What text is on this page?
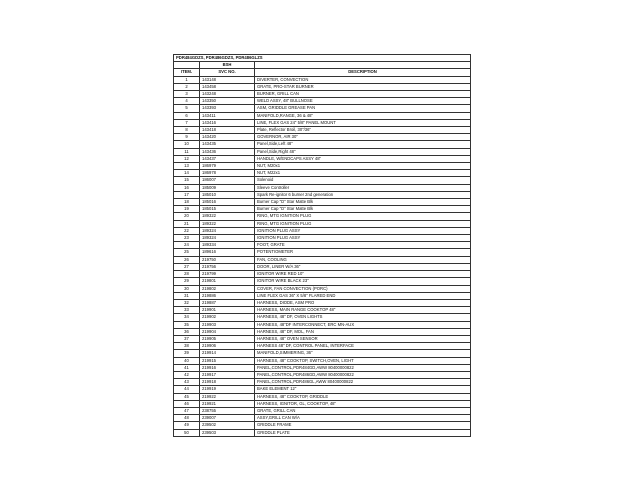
PDR484GDZS, PDR486GDZS, PDR486GLZS		
	BSH	
ITEM.	SVC NO.	DESCRIPTION
1	143148	DIVERTER, CONVECTION
2	143458	GRATE, PRO-STAR BURNER
3	143248	BURNER, GRILL CAN
4	143350	WELD ASSY, 48" BULLNOSE
5	143393	ASM, GRIDDLE GREASE PAN
6	143411	MANIFOLD,RANGE, 36 & 48"
7	143416	LINE, FLEX GAS 24" 5/8" PANEL MOUNT
8	143418	Plate, Reflector Broil, 30"/36"
9	143420	GOVERNOR, AIR 30"
10	143435	Panel,Side,Left 48"
11	143436	Panel,Side,Right 48"
12	143437	HANDLE, W/ENDCAPS ASSY 48"
13	186979	NUT, M20x1
14	186978	NUT, M22x1
15	186007	Solenoid
16	185009	Sleeve Controller
17	185010	Spark Re-ignitor 6 burner 2nd generation
18	185016	Burner Cap "D" Star Matte Blk
19	185015	Burner Cap "D" Star Matte Blk
20	189322	RING, MTG IGNITION PLUG
21	189322	RING, MTG IGNITION PLUG
22	189324	IGNITION PLUG ASSY
23	189324	IGNITION PLUG ASSY
24	189334	FOOT, GRATE
25	189616	POTENTIOMETER
26	219750	FAN, COOLING
27	219756	DOOR, LINER W/A 36"
28	219799	IGNITOR WIRE RED 10"
29	219801	IGNITOR WIRE BLACK 23"
30	219802	COVER, FAN CONVECTION (PORC)
31	219886	LINE FLEX GAS 36" X 5/8" FLARED END
32	219887	HARNESS, DIODE, ASM PRO
33	219901	HARNESS, MAIN RANGE COOKTOP 48"
34	219902	HARNESS, 48" DF, OVEN LIGHTS
35	219903	HARNESS, 48"DF INTERCONNECT, ERC MN-AUX
36	219904	HARNESS, 48" DF, MOL, FAN
37	219905	HARNESS, 48" OVEN SENSOR
38	219906	HARNESS 48" DF, CONTROL PANEL, INTERFACE
39	219914	MANIFOLD,SIMMERING, 36"
40	219915	HARNESS, 48" COOKTOP, SWITCH,OVEN, LIGHT
41	219916	PANEL,CONTROL,PDR484GD,AWW 80400000822
42	219917	PANEL,CONTROL,PDR486GD,AWW 80400000822
43	219918	PANEL,CONTROL,PDR486GL,AWW 80400000822
44	219919	BAKE ELEMENT 12"
45	219922	HARNESS, 48" COOKTOP, GRIDDLE
46	219921	HARNESS, IGNITOR, GL, COOKTOP, 48"
47	238755	GRATE, GRILL CAN
48	239007	ASSY,GRILL CAN W/A
49	239502	GRIDDLE FRAME
50	239503	GRIDDLE PLATE
